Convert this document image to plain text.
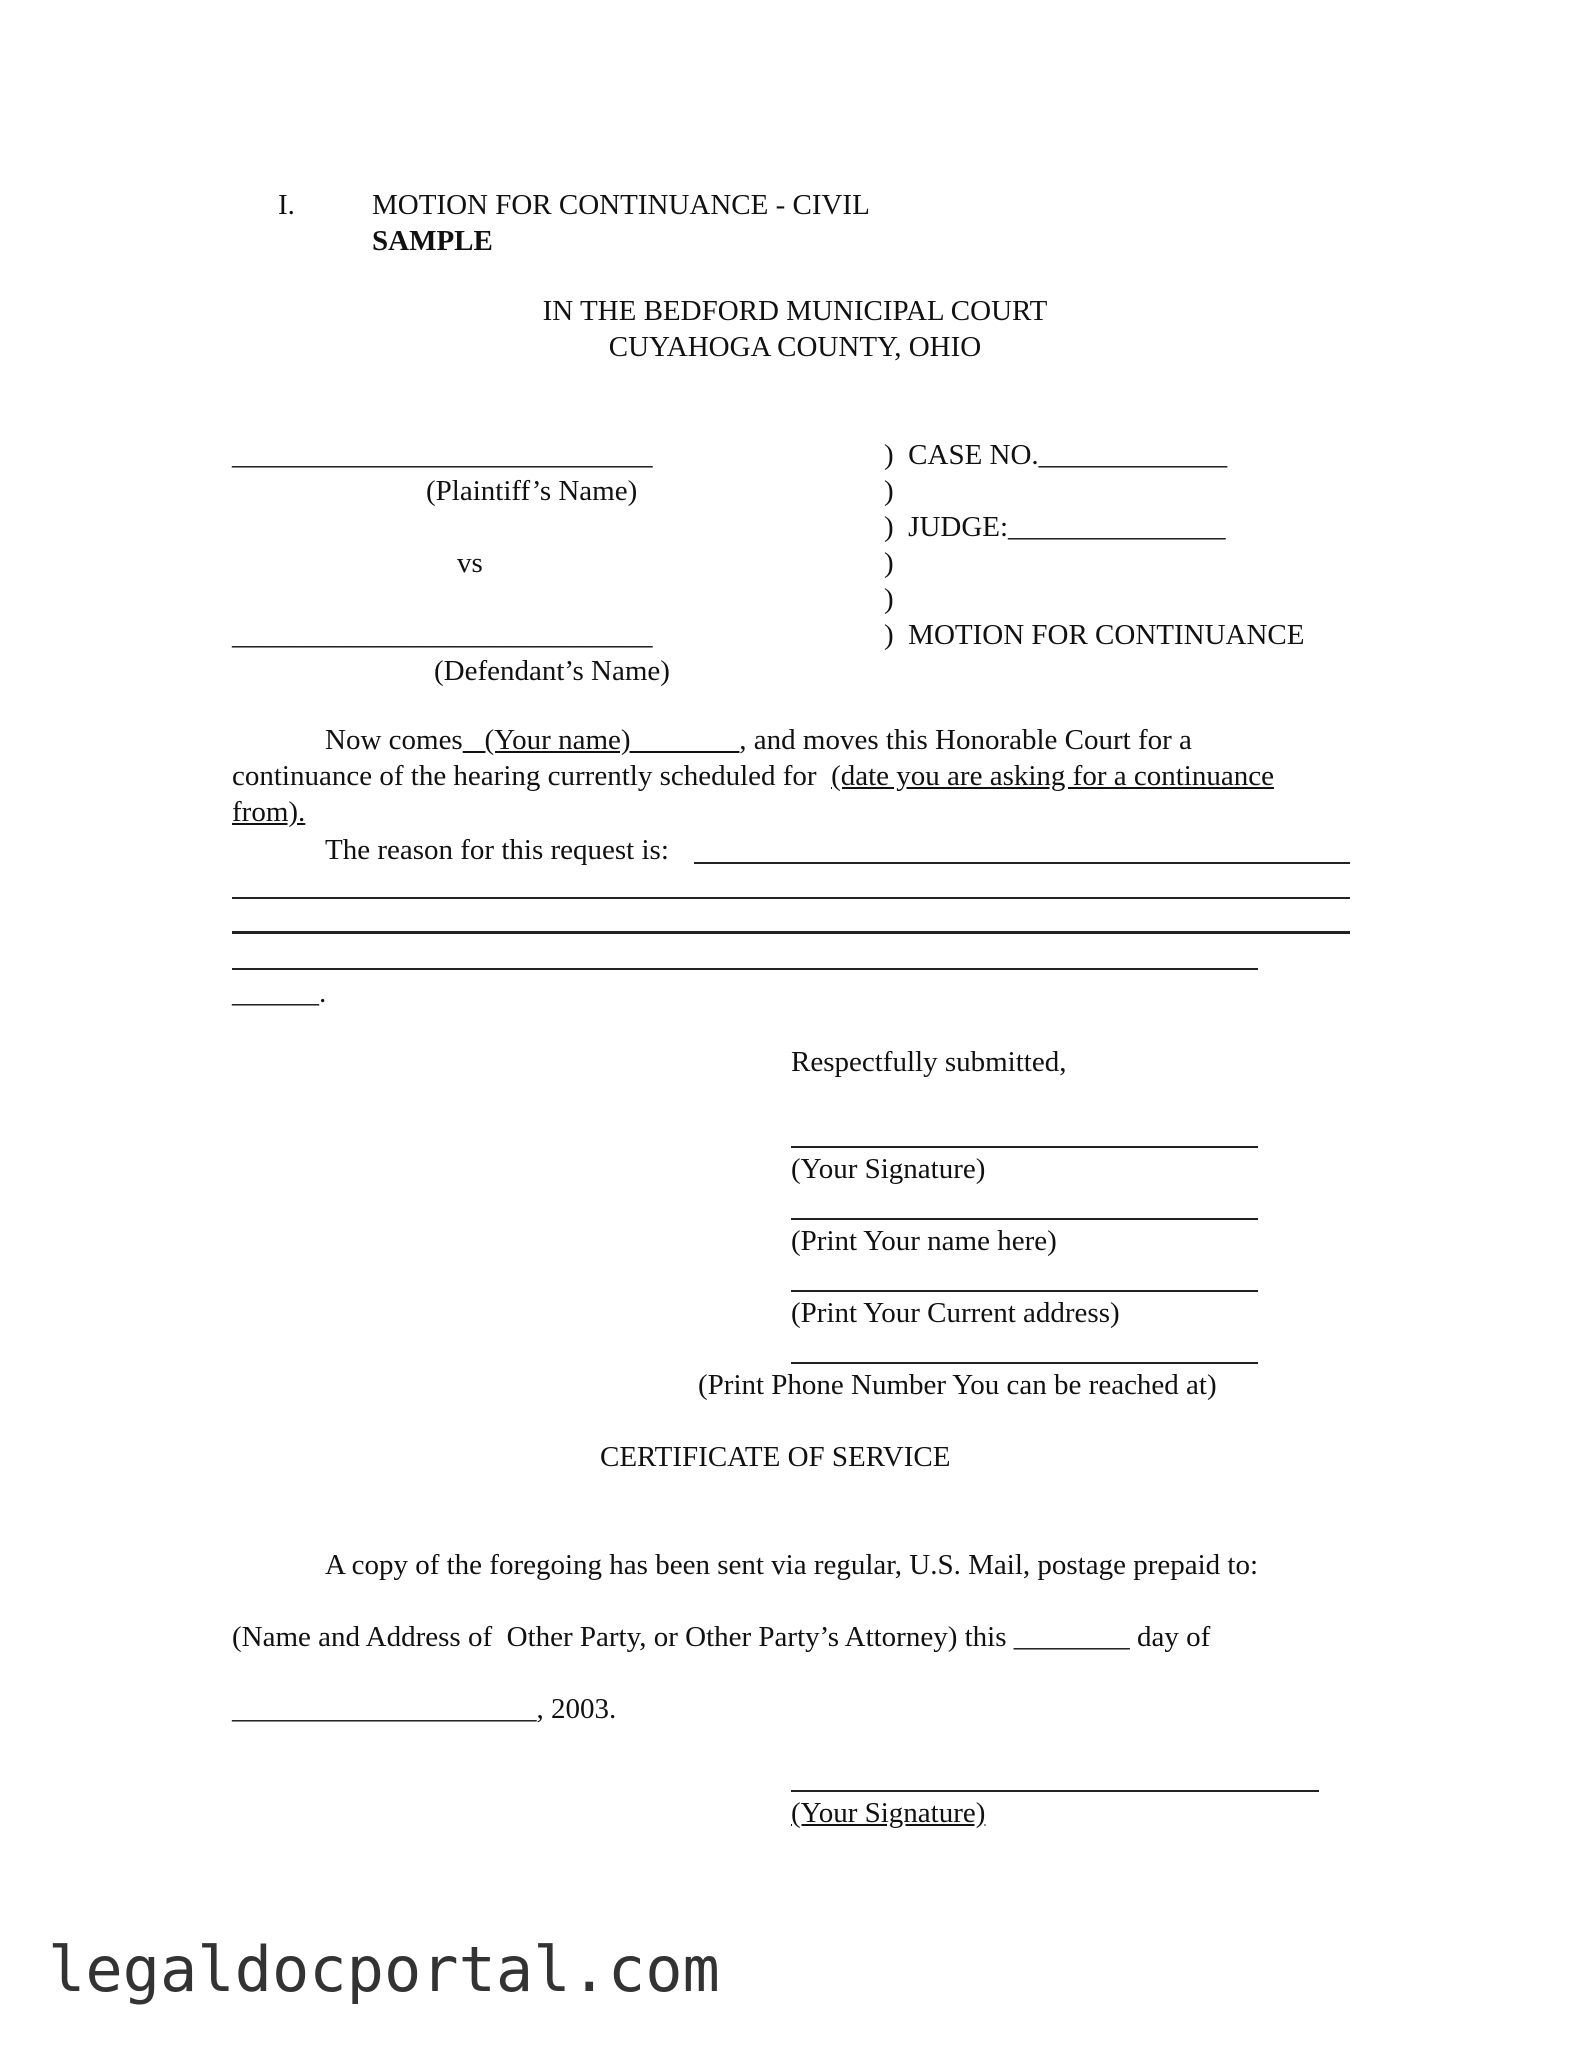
I.	MOTION FOR CONTINUANCE - CIVIL
SAMPLE
IN THE BEDFORD MUNICIPAL COURT
CUYAHOGA COUNTY, OHIO
_____________________________
(Plaintiff’s Name)
vs
_____________________________
(Defendant’s Name)
)  CASE NO._____________
)
)  JUDGE:_______________
)
)
)  MOTION FOR CONTINUANCE
Now comes   (Your name) _______, and moves this Honorable Court for a
continuance of the hearing currently scheduled for  (date you are asking for a continuance
from).
The reason for this request is:
______.
Respectfully submitted,
(Your Signature)
(Print Your name here)
(Print Your Current address)
(Print Phone Number You can be reached at)
CERTIFICATE OF SERVICE
A copy of the foregoing has been sent via regular, U.S. Mail, postage prepaid to:
(Name and Address of  Other Party, or Other Party’s Attorney) this ________ day of
_____________________, 2003.
(Your Signature)
legaldocportal.com
